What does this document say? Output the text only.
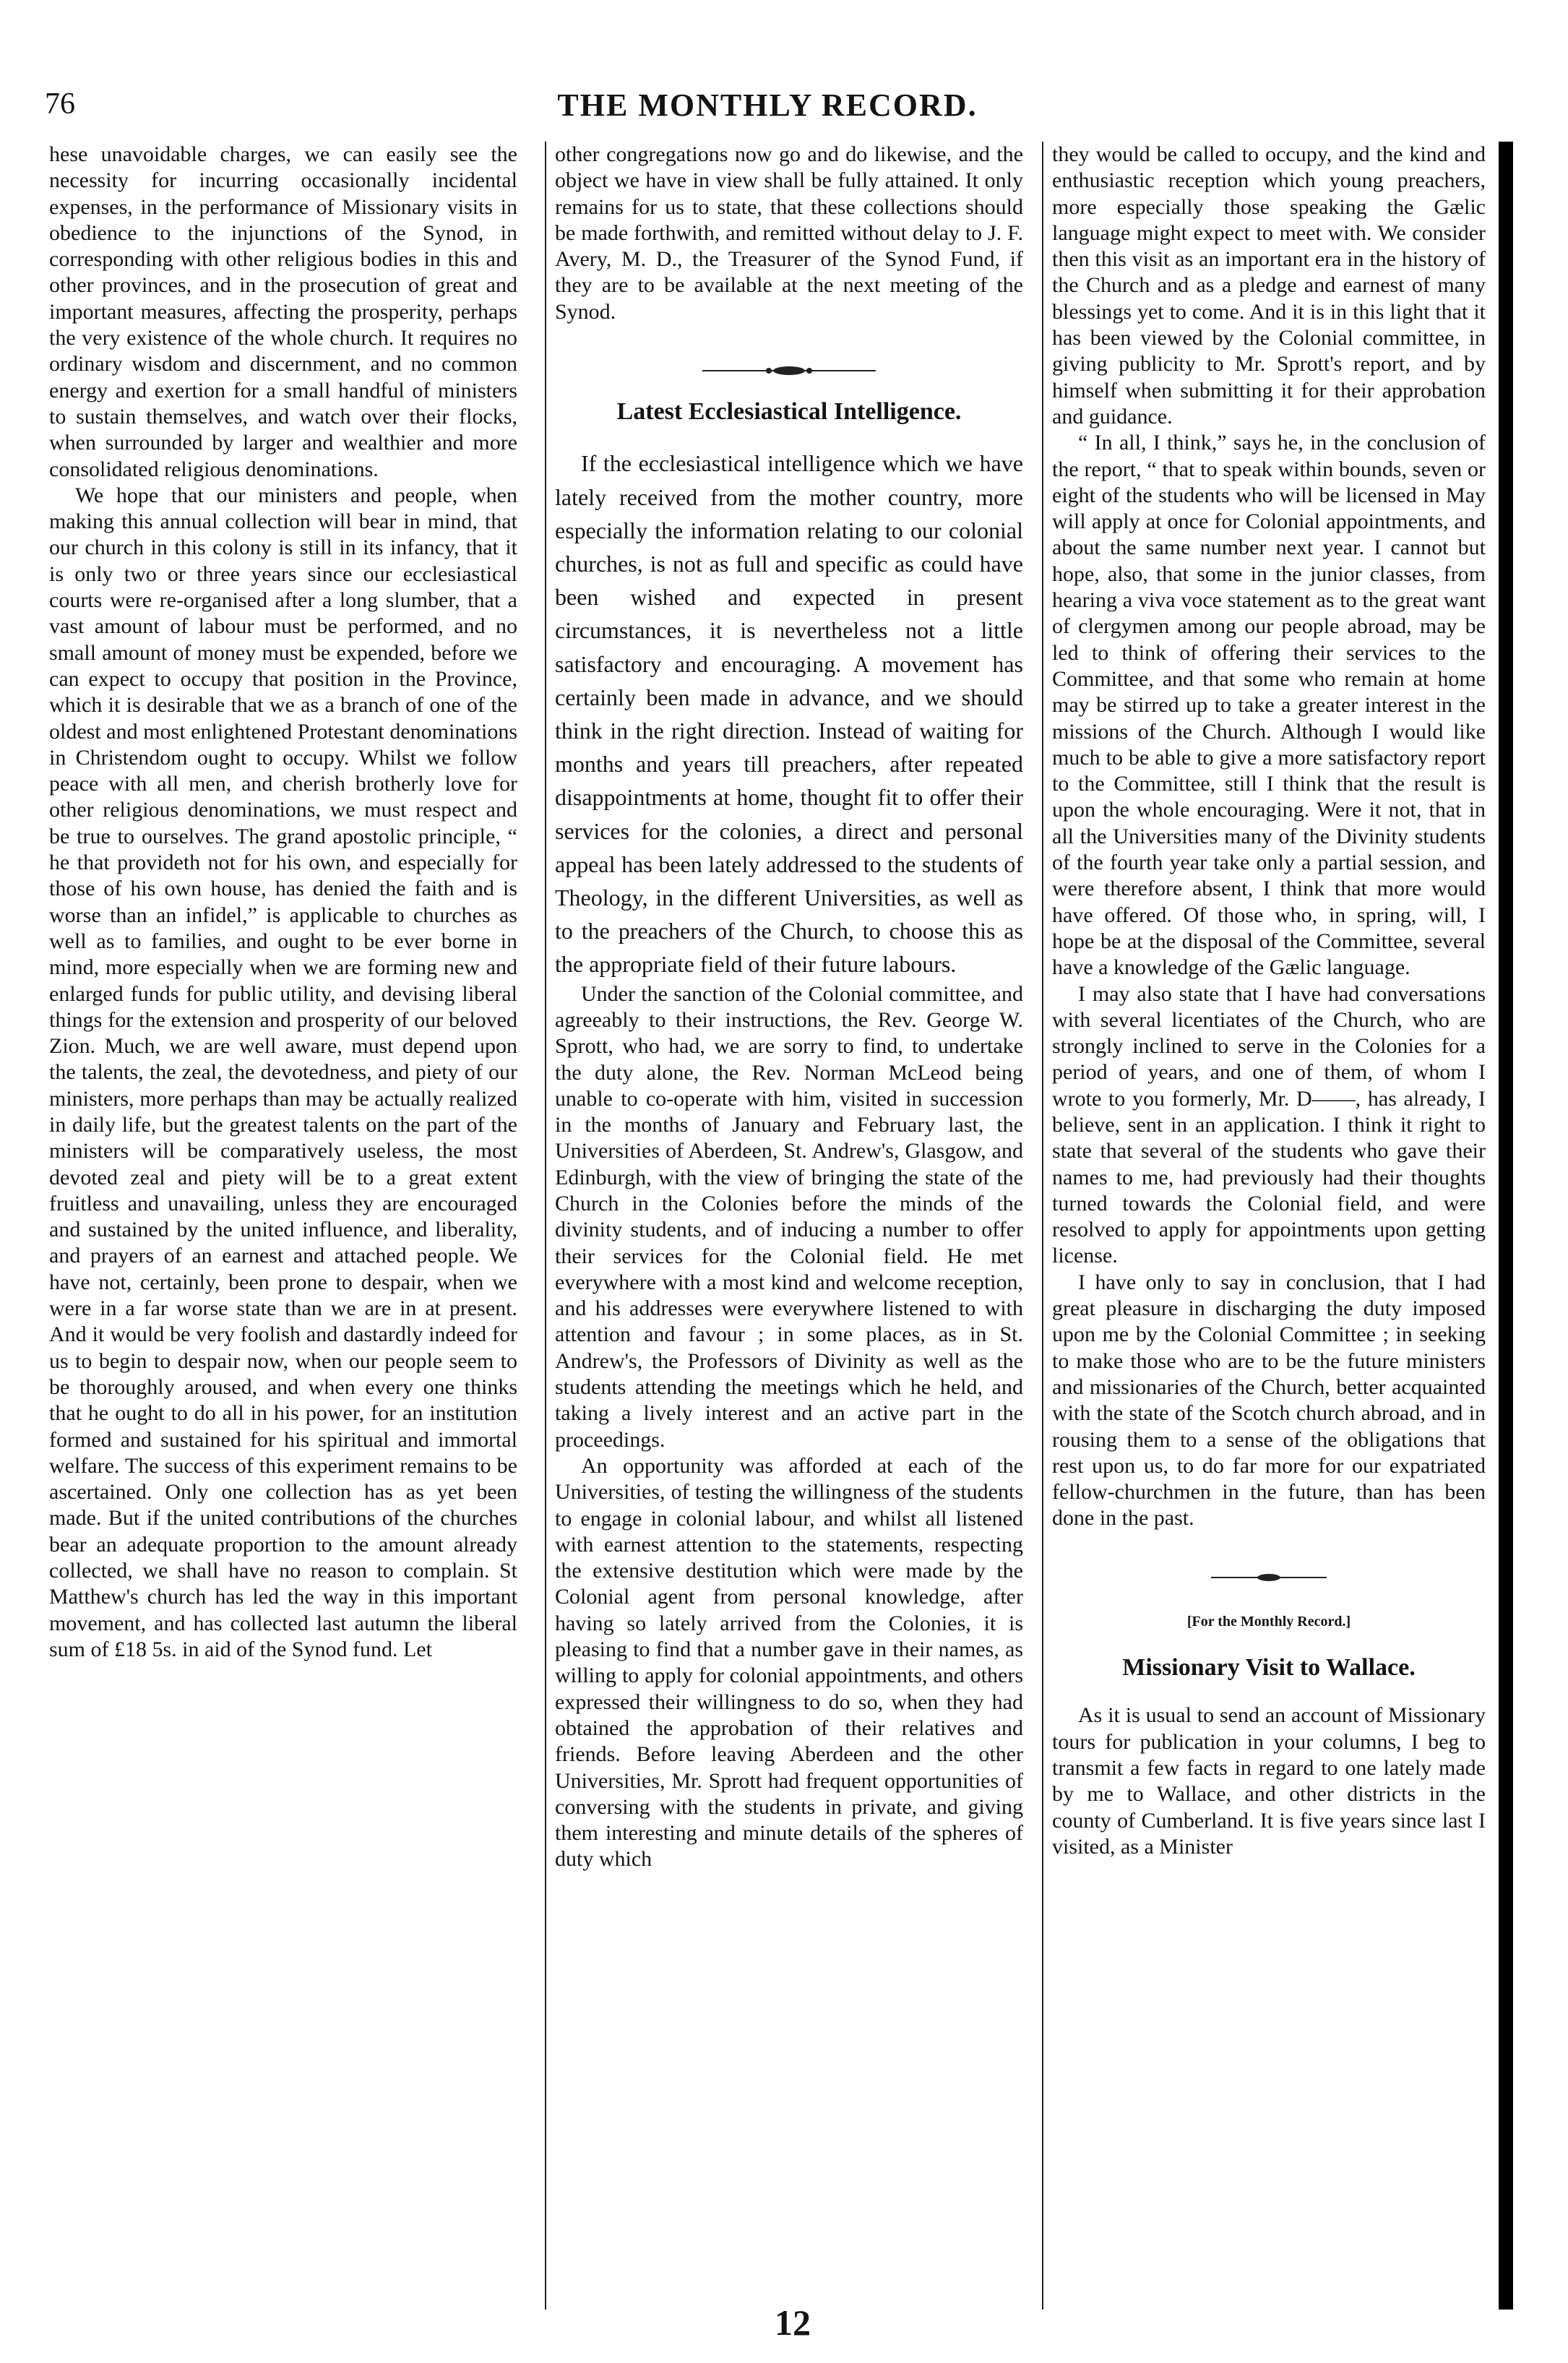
76	THE MONTHLY RECORD.

hese unavoidable charges, we can easily see the necessity for incurring occasionally incidental expenses, in the performance of Missionary visits in obedience to the injunctions of the Synod, in corresponding with other religious bodies in this and other provinces, and in the prosecution of great and important measures, affecting the prosperity, perhaps the very existence of the whole church. It requires no ordinary wisdom and discernment, and no common energy and exertion for a small handful of ministers to sustain themselves, and watch over their flocks, when surrounded by larger and wealthier and more consolidated religious denominations.

We hope that our ministers and people, when making this annual collection will bear in mind, that our church in this colony is still in its infancy, that it is only two or three years since our ecclesiastical courts were re-organised after a long slumber, that a vast amount of labour must be performed, and no small amount of money must be expended, before we can expect to occupy that position in the Province, which it is desirable that we as a branch of one of the oldest and most enlightened Protestant denominations in Christendom ought to occupy. Whilst we follow peace with all men, and cherish brotherly love for other religious denominations, we must respect and be true to ourselves. The grand apostolic principle, “ he that provideth not for his own, and especially for those of his own house, has denied the faith and is worse than an infidel,” is applicable to churches as well as to families, and ought to be ever borne in mind, more especially when we are forming new and enlarged funds for public utility, and devising liberal things for the extension and prosperity of our beloved Zion. Much, we are well aware, must depend upon the talents, the zeal, the devotedness, and piety of our ministers, more perhaps than may be actually realized in daily life, but the greatest talents on the part of the ministers will be comparatively useless, the most devoted zeal and piety will be to a great extent fruitless and unavailing, unless they are encouraged and sustained by the united influence, and liberality, and prayers of an earnest and attached people. We have not, certainly, been prone to despair, when we were in a far worse state than we are in at present. And it would be very foolish and dastardly indeed for us to begin to despair now, when our people seem to be thoroughly aroused, and when every one thinks that he ought to do all in his power, for an institution formed and sustained for his spiritual and immortal welfare. The success of this experiment remains to be ascertained. Only one collection has as yet been made. But if the united contributions of the churches bear an adequate proportion to the amount already collected, we shall have no reason to complain. St Matthew's church has led the way in this important movement, and has collected last autumn the liberal sum of £18 5s. in aid of the Synod fund. Let

other congregations now go and do likewise, and the object we have in view shall be fully attained. It only remains for us to state, that these collections should be made forthwith, and remitted without delay to J. F. Avery, M. D., the Treasurer of the Synod Fund, if they are to be available at the next meeting of the Synod.

Latest Ecclesiastical Intelligence.

If the ecclesiastical intelligence which we have lately received from the mother country, more especially the information relating to our colonial churches, is not as full and specific as could have been wished and expected in present circumstances, it is nevertheless not a little satisfactory and encouraging. A movement has certainly been made in advance, and we should think in the right direction. Instead of waiting for months and years till preachers, after repeated disappointments at home, thought fit to offer their services for the colonies, a direct and personal appeal has been lately addressed to the students of Theology, in the different Universities, as well as to the preachers of the Church, to choose this as the appropriate field of their future labours.

Under the sanction of the Colonial committee, and agreeably to their instructions, the Rev. George W. Sprott, who had, we are sorry to find, to undertake the duty alone, the Rev. Norman McLeod being unable to co-operate with him, visited in succession in the months of January and February last, the Universities of Aberdeen, St. Andrew's, Glasgow, and Edinburgh, with the view of bringing the state of the Church in the Colonies before the minds of the divinity students, and of inducing a number to offer their services for the Colonial field. He met everywhere with a most kind and welcome reception, and his addresses were everywhere listened to with attention and favour ; in some places, as in St. Andrew's, the Professors of Divinity as well as the students attending the meetings which he held, and taking a lively interest and an active part in the proceedings.

An opportunity was afforded at each of the Universities, of testing the willingness of the students to engage in colonial labour, and whilst all listened with earnest attention to the statements, respecting the extensive destitution which were made by the Colonial agent from personal knowledge, after having so lately arrived from the Colonies, it is pleasing to find that a number gave in their names, as willing to apply for colonial appointments, and others expressed their willingness to do so, when they had obtained the approbation of their relatives and friends. Before leaving Aberdeen and the other Universities, Mr. Sprott had frequent opportunities of conversing with the students in private, and giving them interesting and minute details of the spheres of duty which

they would be called to occupy, and the kind and enthusiastic reception which young preachers, more especially those speaking the Gælic language might expect to meet with. We consider then this visit as an important era in the history of the Church and as a pledge and earnest of many blessings yet to come. And it is in this light that it has been viewed by the Colonial committee, in giving publicity to Mr. Sprott's report, and by himself when submitting it for their approbation and guidance.

“ In all, I think,” says he, in the conclusion of the report, “ that to speak within bounds, seven or eight of the students who will be licensed in May will apply at once for Colonial appointments, and about the same number next year. I cannot but hope, also, that some in the junior classes, from hearing a viva voce statement as to the great want of clergymen among our people abroad, may be led to think of offering their services to the Committee, and that some who remain at home may be stirred up to take a greater interest in the missions of the Church. Although I would like much to be able to give a more satisfactory report to the Committee, still I think that the result is upon the whole encouraging. Were it not, that in all the Universities many of the Divinity students of the fourth year take only a partial session, and were therefore absent, I think that more would have offered. Of those who, in spring, will, I hope be at the disposal of the Committee, several have a knowledge of the Gælic language.

I may also state that I have had conversations with several licentiates of the Church, who are strongly inclined to serve in the Colonies for a period of years, and one of them, of whom I wrote to you formerly, Mr. D——, has already, I believe, sent in an application. I think it right to state that several of the students who gave their names to me, had previously had their thoughts turned towards the Colonial field, and were resolved to apply for appointments upon getting license.

I have only to say in conclusion, that I had great pleasure in discharging the duty imposed upon me by the Colonial Committee ; in seeking to make those who are to be the future ministers and missionaries of the Church, better acquainted with the state of the Scotch church abroad, and in rousing them to a sense of the obligations that rest upon us, to do far more for our expatriated fellow-churchmen in the future, than has been done in the past.

[For the Monthly Record.]
Missionary Visit to Wallace.

As it is usual to send an account of Missionary tours for publication in your columns, I beg to transmit a few facts in regard to one lately made by me to Wallace, and other districts in the county of Cumberland. It is five years since last I visited, as a Minister

12
